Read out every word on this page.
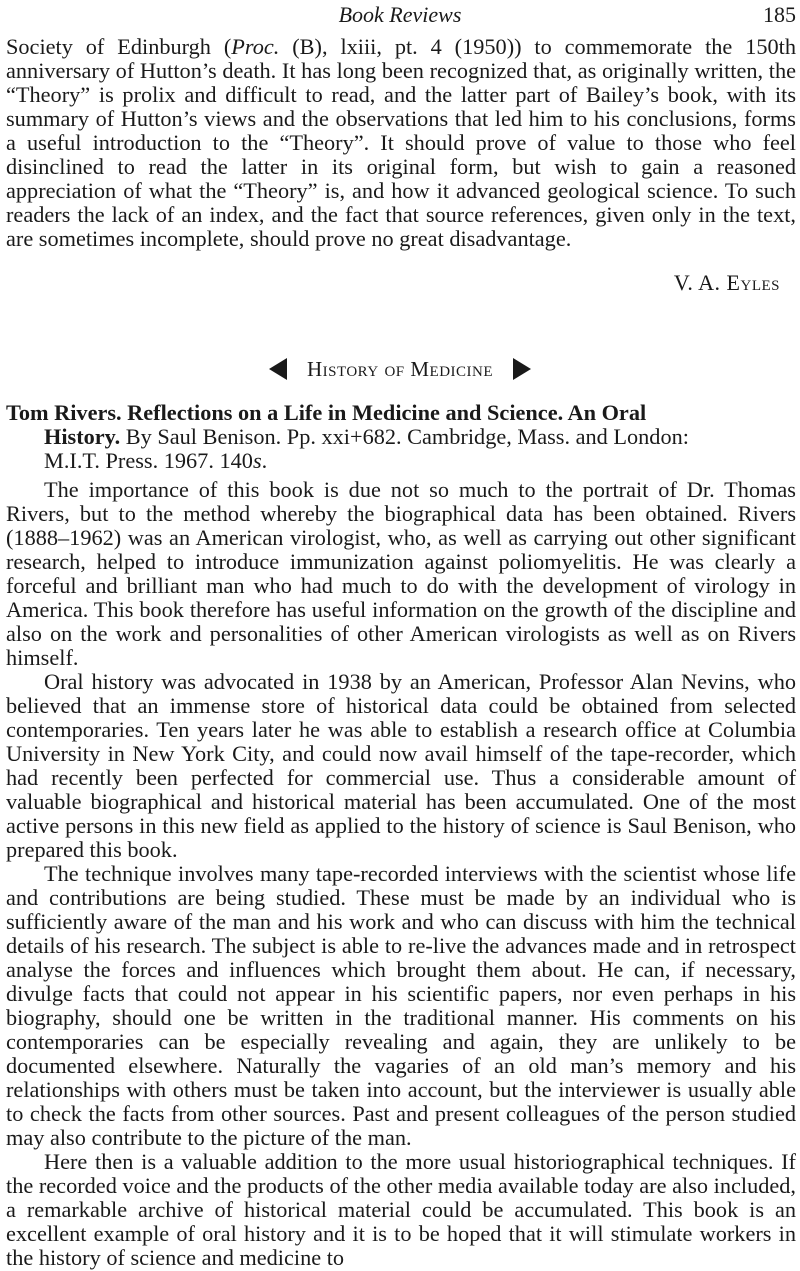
Book Reviews	185

Society of Edinburgh (Proc. (B), lxiii, pt. 4 (1950)) to commemorate the 150th anniversary of Hutton’s death. It has long been recognized that, as originally written, the “Theory” is prolix and difficult to read, and the latter part of Bailey’s book, with its summary of Hutton’s views and the observations that led him to his conclusions, forms a useful introduction to the “Theory”. It should prove of value to those who feel disinclined to read the latter in its original form, but wish to gain a reasoned appreciation of what the “Theory” is, and how it advanced geological science. To such readers the lack of an index, and the fact that source references, given only in the text, are sometimes incomplete, should prove no great disadvantage.

V. A. Eyles
History of Medicine
Tom Rivers. Reflections on a Life in Medicine and Science. An Oral
History. By Saul Benison. Pp. xxi+682. Cambridge, Mass. and London:
M.I.T. Press. 1967. 140s.

The importance of this book is due not so much to the portrait of Dr. Thomas Rivers, but to the method whereby the biographical data has been obtained. Rivers (1888–1962) was an American virologist, who, as well as carrying out other significant research, helped to introduce immunization against poliomyelitis. He was clearly a forceful and brilliant man who had much to do with the development of virology in America. This book therefore has useful information on the growth of the discipline and also on the work and personalities of other American virologists as well as on Rivers himself.

Oral history was advocated in 1938 by an American, Professor Alan Nevins, who believed that an immense store of historical data could be obtained from selected contemporaries. Ten years later he was able to establish a research office at Columbia University in New York City, and could now avail himself of the tape-recorder, which had recently been perfected for commercial use. Thus a considerable amount of valuable biographical and historical material has been accumulated. One of the most active persons in this new field as applied to the history of science is Saul Benison, who prepared this book.

The technique involves many tape-recorded interviews with the scientist whose life and contributions are being studied. These must be made by an individual who is sufficiently aware of the man and his work and who can discuss with him the technical details of his research. The subject is able to re-live the advances made and in retrospect analyse the forces and influences which brought them about. He can, if necessary, divulge facts that could not appear in his scientific papers, nor even perhaps in his biography, should one be written in the traditional manner. His comments on his contemporaries can be especially revealing and again, they are unlikely to be documented elsewhere. Naturally the vagaries of an old man’s memory and his relationships with others must be taken into account, but the interviewer is usually able to check the facts from other sources. Past and present colleagues of the person studied may also contribute to the picture of the man.

Here then is a valuable addition to the more usual historiographical techniques. If the recorded voice and the products of the other media available today are also included, a remarkable archive of historical material could be accumulated. This book is an excellent example of oral history and it is to be hoped that it will stimulate workers in the history of science and medicine to
